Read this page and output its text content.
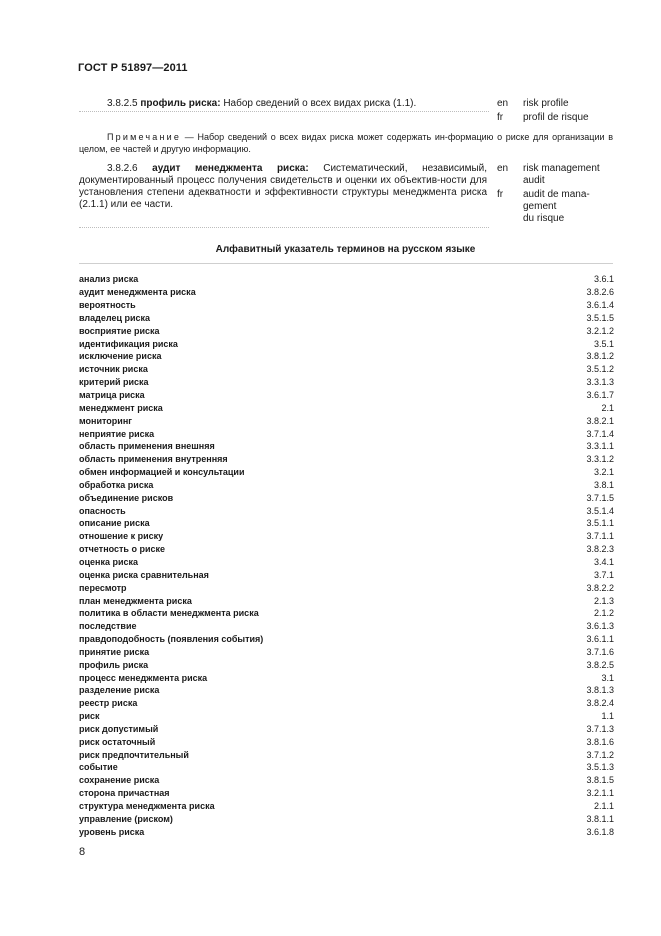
ГОСТ Р 51897—2011
3.8.2.5 профиль риска: Набор сведений о всех видах риска (1.1).	en risk profile
fr profil de risque
Примечание — Набор сведений о всех видах риска может содержать ин-формацию о риске для организации в целом, ее частей и другую информацию.
3.8.2.6 аудит менеджмента риска: Систематический, независимый, документированный процесс получения свидетельств и оценки их объектив-ности для установления степени адекватности и эффективности структуры менеджмента риска (2.1.1) или ее части.
en risk management
audit
fr audit de mana-
gement
du risque
Алфавитный указатель терминов на русском языке
анализ риска	3.6.1
аудит менеджмента риска	3.8.2.6
вероятность	3.6.1.4
владелец риска	3.5.1.5
восприятие риска	3.2.1.2
идентификация риска	3.5.1
исключение риска	3.8.1.2
источник риска	3.5.1.2
критерий риска	3.3.1.3
матрица риска	3.6.1.7
менеджмент риска	2.1
мониторинг	3.8.2.1
неприятие риска	3.7.1.4
область применения внешняя	3.3.1.1
область применения внутренняя	3.3.1.2
обмен информацией и консультации	3.2.1
обработка риска	3.8.1
объединение рисков	3.7.1.5
опасность	3.5.1.4
описание риска	3.5.1.1
отношение к риску	3.7.1.1
отчетность о риске	3.8.2.3
оценка риска	3.4.1
оценка риска сравнительная	3.7.1
пересмотр	3.8.2.2
план менеджмента риска	2.1.3
политика в области менеджмента риска	2.1.2
последствие	3.6.1.3
правдоподобность (появления события)	3.6.1.1
принятие риска	3.7.1.6
профиль риска	3.8.2.5
процесс менеджмента риска	3.1
разделение риска	3.8.1.3
реестр риска	3.8.2.4
риск	1.1
риск допустимый	3.7.1.3
риск остаточный	3.8.1.6
риск предпочтительный	3.7.1.2
событие	3.5.1.3
сохранение риска	3.8.1.5
сторона причастная	3.2.1.1
структура менеджмента риска	2.1.1
управление (риском)	3.8.1.1
уровень риска	3.6.1.8
8
